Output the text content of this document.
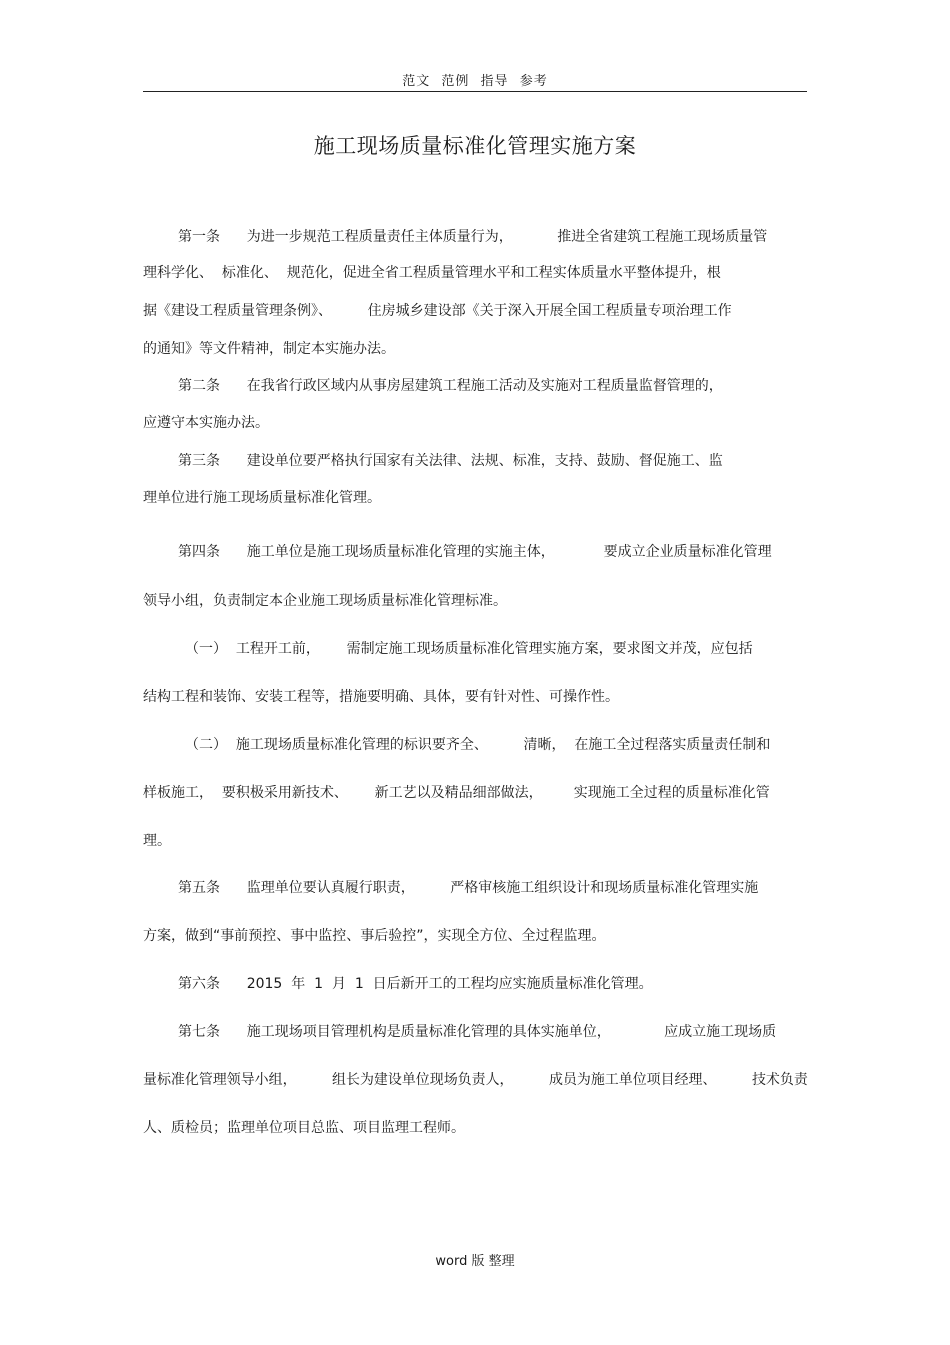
范文 范例 指导 参考
施工现场质量标准化管理实施方案
第一条      为进一步规范工程质量责任主体质量行为，          推进全省建筑工程施工现场质量管
理科学化、  标准化、  规范化，促进全省工程质量管理水平和工程实体质量水平整体提升，根
据《建设工程质量管理条例》、        住房城乡建设部《关于深入开展全国工程质量专项治理工作
的通知》等文件精神，制定本实施办法。
第二条      在我省行政区域内从事房屋建筑工程施工活动及实施对工程质量监督管理的，
应遵守本实施办法。
第三条      建设单位要严格执行国家有关法律、法规、标准，支持、鼓励、督促施工、监
理单位进行施工现场质量标准化管理。
第四条      施工单位是施工现场质量标准化管理的实施主体，           要成立企业质量标准化管理
领导小组，负责制定本企业施工现场质量标准化管理标准。
（一）  工程开工前，      需制定施工现场质量标准化管理实施方案，要求图文并茂，应包括
结构工程和装饰、安装工程等，措施要明确、具体，要有针对性、可操作性。
（二）  施工现场质量标准化管理的标识要齐全、        清晰，  在施工全过程落实质量责任制和
样板施工，  要积极采用新技术、      新工艺以及精品细部做法，       实现施工全过程的质量标准化管
理。
第五条      监理单位要认真履行职责，        严格审核施工组织设计和现场质量标准化管理实施
方案，做到“事前预控、事中监控、事后验控”，实现全方位、全过程监理。
第六条      2015  年  1  月  1  日后新开工的工程均应实施质量标准化管理。
第七条      施工现场项目管理机构是质量标准化管理的具体实施单位，            应成立施工现场质
量标准化管理领导小组，        组长为建设单位现场负责人，        成员为施工单位项目经理、        技术负责
人、质检员；监理单位项目总监、项目监理工程师。
word 版 整理
